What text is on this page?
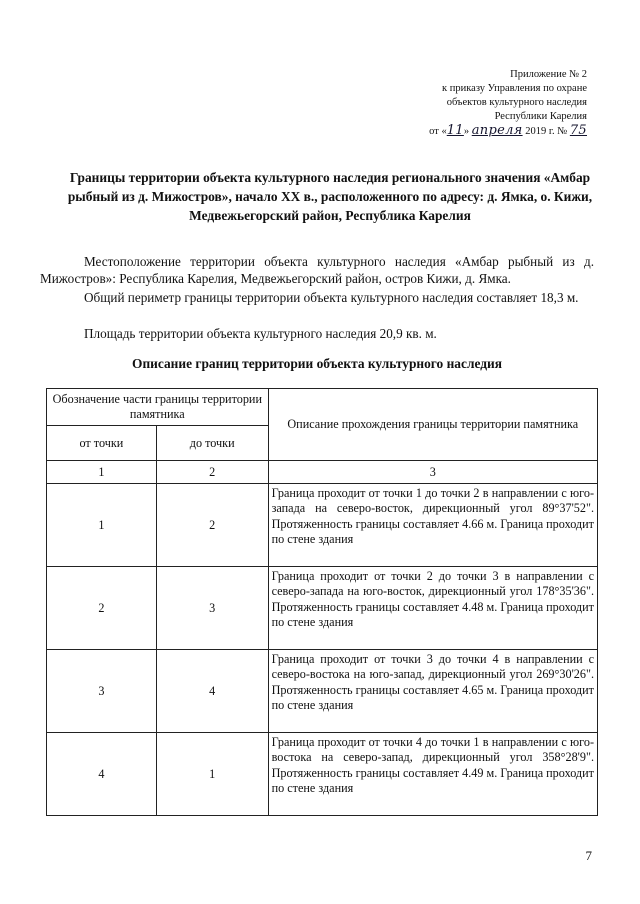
Приложение № 2
к приказу Управления по охране
объектов культурного наследия
Республики Карелия
от «11» апреля 2019 г. № 75
Границы территории объекта культурного наследия регионального значения «Амбар рыбный из д. Мижостров», начало XX в., расположенного по адресу: д. Ямка, о. Кижи, Медвежьегорский район, Республика Карелия

Местоположение территории объекта культурного наследия «Амбар рыбный из д. Мижостров»: Республика Карелия, Медвежьегорский район, остров Кижи, д. Ямка.

Общий периметр границы территории объекта культурного наследия составляет 18,3 м.

Площадь территории объекта культурного наследия 20,9 кв. м.

Описание границ территории объекта культурного наследия
Обозначение части границы территории памятника		Описание прохождения границы территории памятника
от точки	до точки	
1	2	3
1	2	Граница проходит от точки 1 до точки 2 в направлении с юго-запада на северо-восток, дирекционный угол 89°37'52". Протяженность границы составляет 4.66 м. Граница проходит по стене здания
2	3	Граница проходит от точки 2 до точки 3 в направлении с северо-запада на юго-восток, дирекционный угол 178°35'36". Протяженность границы составляет 4.48 м. Граница проходит по стене здания
3	4	Граница проходит от точки 3 до точки 4 в направлении с северо-востока на юго-запад, дирекционный угол 269°30'26". Протяженность границы составляет 4.65 м. Граница проходит по стене здания
4	1	Граница проходит от точки 4 до точки 1 в направлении с юго-востока на северо-запад, дирекционный угол 358°28'9". Протяженность границы составляет 4.49 м. Граница проходит по стене здания
7
